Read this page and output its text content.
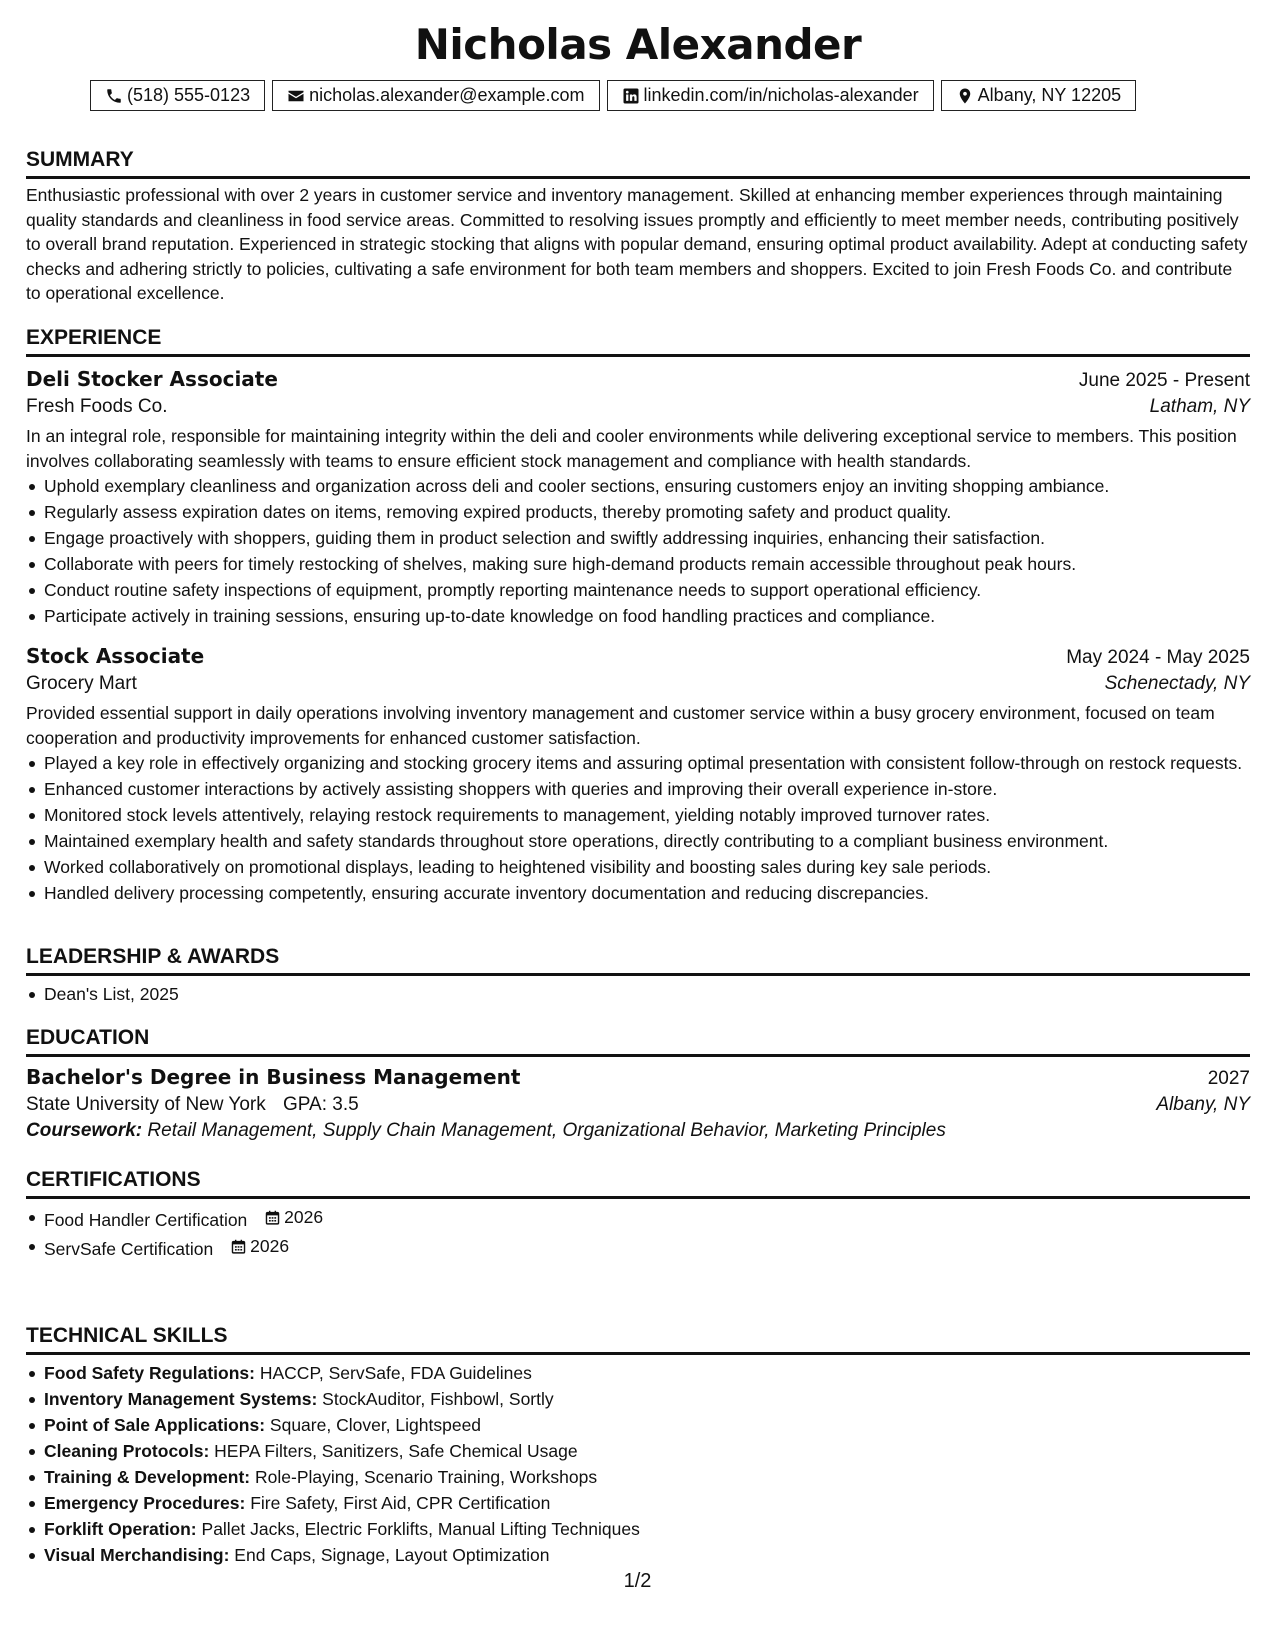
Nicholas Alexander
(518) 555-0123	nicholas.alexander@example.com	linkedin.com/in/nicholas-alexander	Albany, NY 12205
SUMMARY

Enthusiastic professional with over 2 years in customer service and inventory management. Skilled at enhancing member experiences through maintaining quality standards and cleanliness in food service areas. Committed to resolving issues promptly and efficiently to meet member needs, contributing positively to overall brand reputation. Experienced in strategic stocking that aligns with popular demand, ensuring optimal product availability. Adept at conducting safety checks and adhering strictly to policies, cultivating a safe environment for both team members and shoppers. Excited to join Fresh Foods Co. and contribute to operational excellence.

EXPERIENCE
Deli Stocker Associate	June 2025 - Present
Fresh Foods Co.	Latham, NY

In an integral role, responsible for maintaining integrity within the deli and cooler environments while delivering exceptional service to members. This position involves collaborating seamlessly with teams to ensure efficient stock management and compliance with health standards.

Uphold exemplary cleanliness and organization across deli and cooler sections, ensuring customers enjoy an inviting shopping ambiance.
Regularly assess expiration dates on items, removing expired products, thereby promoting safety and product quality.
Engage proactively with shoppers, guiding them in product selection and swiftly addressing inquiries, enhancing their satisfaction.
Collaborate with peers for timely restocking of shelves, making sure high-demand products remain accessible throughout peak hours.
Conduct routine safety inspections of equipment, promptly reporting maintenance needs to support operational efficiency.
Participate actively in training sessions, ensuring up-to-date knowledge on food handling practices and compliance.
Stock Associate	May 2024 - May 2025
Grocery Mart	Schenectady, NY

Provided essential support in daily operations involving inventory management and customer service within a busy grocery environment, focused on team cooperation and productivity improvements for enhanced customer satisfaction.

Played a key role in effectively organizing and stocking grocery items and assuring optimal presentation with consistent follow-through on restock requests.
Enhanced customer interactions by actively assisting shoppers with queries and improving their overall experience in-store.
Monitored stock levels attentively, relaying restock requirements to management, yielding notably improved turnover rates.
Maintained exemplary health and safety standards throughout store operations, directly contributing to a compliant business environment.
Worked collaboratively on promotional displays, leading to heightened visibility and boosting sales during key sale periods.
Handled delivery processing competently, ensuring accurate inventory documentation and reducing discrepancies.
LEADERSHIP & AWARDS
Dean's List, 2025
EDUCATION
Bachelor's Degree in Business Management	2027
State University of New York GPA: 3.5	Albany, NY
Coursework: Retail Management, Supply Chain Management, Organizational Behavior, Marketing Principles
CERTIFICATIONS
Food Handler Certification 2026
ServSafe Certification 2026
TECHNICAL SKILLS
Food Safety Regulations: HACCP, ServSafe, FDA Guidelines
Inventory Management Systems: StockAuditor, Fishbowl, Sortly
Point of Sale Applications: Square, Clover, Lightspeed
Cleaning Protocols: HEPA Filters, Sanitizers, Safe Chemical Usage
Training & Development: Role-Playing, Scenario Training, Workshops
Emergency Procedures: Fire Safety, First Aid, CPR Certification
Forklift Operation: Pallet Jacks, Electric Forklifts, Manual Lifting Techniques
Visual Merchandising: End Caps, Signage, Layout Optimization
1/2
